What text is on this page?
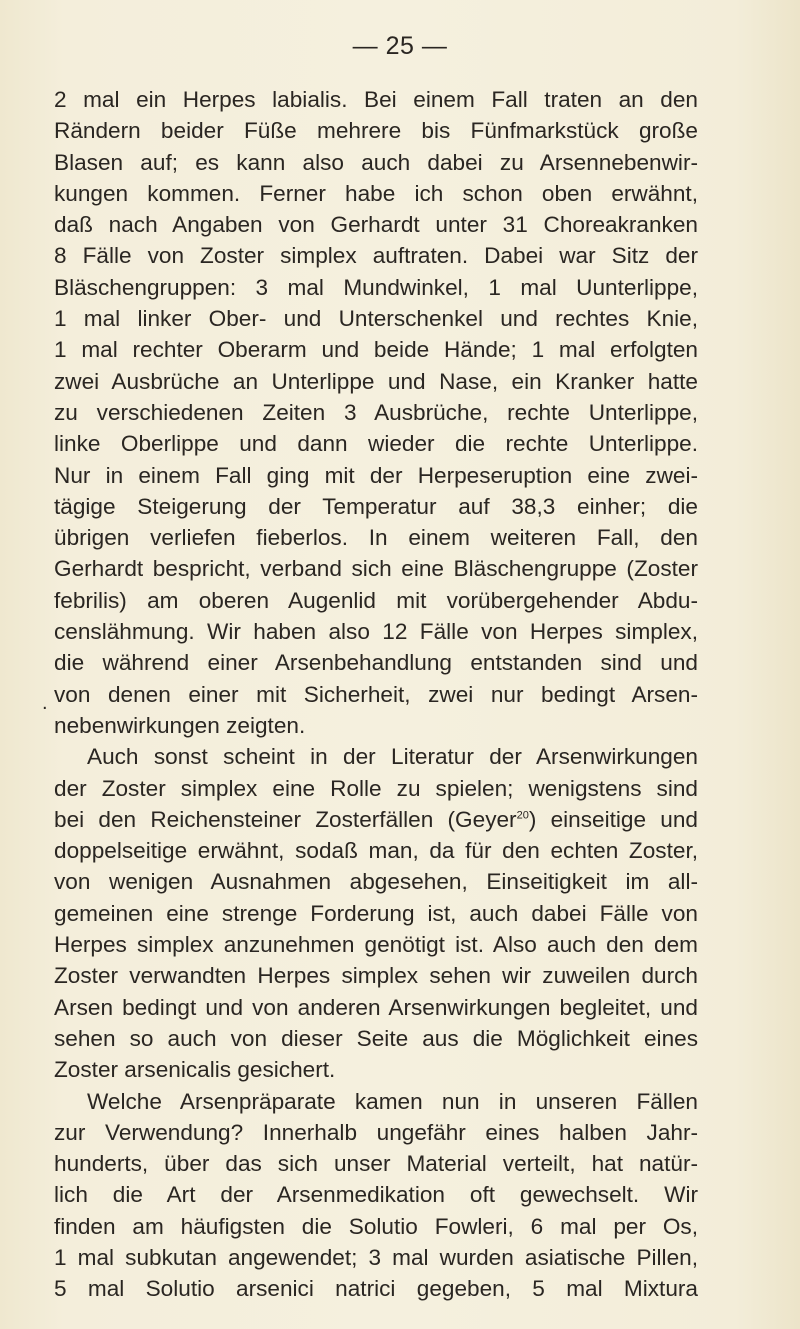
— 25 —
.
2 mal ein Herpes labialis. Bei einem Fall traten an den
Rändern beider Füße mehrere bis Fünfmarkstück große
Blasen auf; es kann also auch dabei zu Arsennebenwir-
kungen kommen. Ferner habe ich schon oben erwähnt,
daß nach Angaben von Gerhardt unter 31 Choreakranken
8 Fälle von Zoster simplex auftraten. Dabei war Sitz der
Bläschengruppen: 3 mal Mundwinkel, 1 mal Uunterlippe,
1 mal linker Ober- und Unterschenkel und rechtes Knie,
1 mal rechter Oberarm und beide Hände; 1 mal erfolgten
zwei Ausbrüche an Unterlippe und Nase, ein Kranker hatte
zu verschiedenen Zeiten 3 Ausbrüche, rechte Unterlippe,
linke Oberlippe und dann wieder die rechte Unterlippe.
Nur in einem Fall ging mit der Herpeseruption eine zwei-
tägige Steigerung der Temperatur auf 38,3 einher; die
übrigen verliefen fieberlos. In einem weiteren Fall, den
Gerhardt bespricht, verband sich eine Bläschengruppe (Zoster
febrilis) am oberen Augenlid mit vorübergehender Abdu-
censlähmung. Wir haben also 12 Fälle von Herpes simplex,
die während einer Arsenbehandlung entstanden sind und
von denen einer mit Sicherheit, zwei nur bedingt Arsen-
nebenwirkungen zeigten.
Auch sonst scheint in der Literatur der Arsenwirkungen
der Zoster simplex eine Rolle zu spielen; wenigstens sind
bei den Reichensteiner Zosterfällen (Geyer$^{20}$) einseitige und
doppelseitige erwähnt, sodaß man, da für den echten Zoster,
von wenigen Ausnahmen abgesehen, Einseitigkeit im all-
gemeinen eine strenge Forderung ist, auch dabei Fälle von
Herpes simplex anzunehmen genötigt ist. Also auch den dem
Zoster verwandten Herpes simplex sehen wir zuweilen durch
Arsen bedingt und von anderen Arsenwirkungen begleitet, und
sehen so auch von dieser Seite aus die Möglichkeit eines
Zoster arsenicalis gesichert.
Welche Arsenpräparate kamen nun in unseren Fällen
zur Verwendung? Innerhalb ungefähr eines halben Jahr-
hunderts, über das sich unser Material verteilt, hat natür-
lich die Art der Arsenmedikation oft gewechselt. Wir
finden am häufigsten die Solutio Fowleri, 6 mal per Os,
1 mal subkutan angewendet; 3 mal wurden asiatische Pillen,
5 mal Solutio arsenici natrici gegeben, 5 mal Mixtura
